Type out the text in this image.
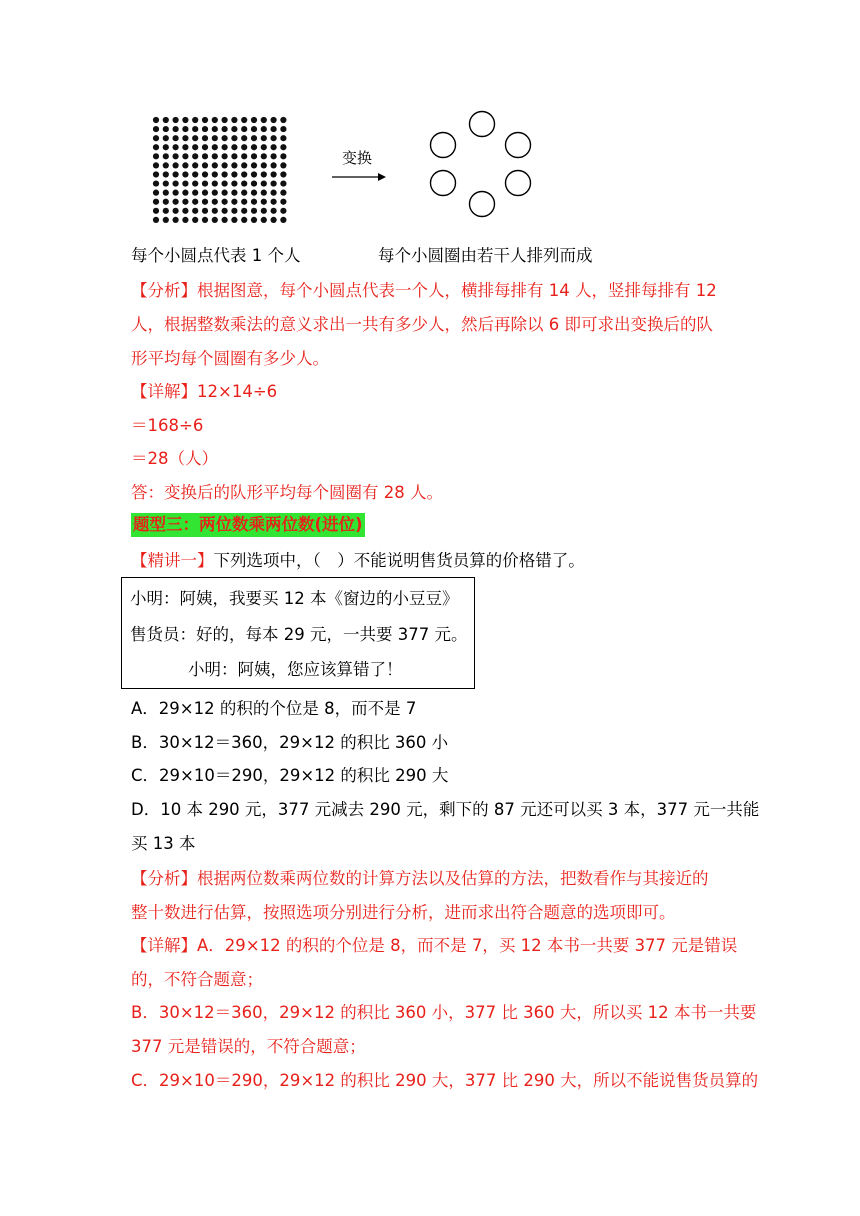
变换
每个小圆点代表 1 个人	每个小圆圈由若干人排列而成
【分析】根据图意，每个小圆点代表一个人，横排每排有 14 人，竖排每排有 12
人，根据整数乘法的意义求出一共有多少人，然后再除以 6 即可求出变换后的队
形平均每个圆圈有多少人。
【详解】12×14÷6
＝168÷6
＝28（人）
答：变换后的队形平均每个圆圈有 28 人。
题型三：两位数乘两位数(进位)
【精讲一】下列选项中，（　）不能说明售货员算的价格错了。
小明：阿姨，我要买 12 本《窗边的小豆豆》
售货员：好的，每本 29 元，一共要 377 元。
小明：阿姨，您应该算错了！
A．29×12 的积的个位是 8，而不是 7
B．30×12＝360，29×12 的积比 360 小
C．29×10＝290，29×12 的积比 290 大
D．10 本 290 元，377 元减去 290 元，剩下的 87 元还可以买 3 本，377 元一共能
买 13 本
【分析】根据两位数乘两位数的计算方法以及估算的方法，把数看作与其接近的
整十数进行估算，按照选项分别进行分析，进而求出符合题意的选项即可。
【详解】A．29×12 的积的个位是 8，而不是 7，买 12 本书一共要 377 元是错误
的，不符合题意；
B．30×12＝360，29×12 的积比 360 小，377 比 360 大，所以买 12 本书一共要
377 元是错误的，不符合题意；
C．29×10＝290，29×12 的积比 290 大，377 比 290 大，所以不能说售货员算的
